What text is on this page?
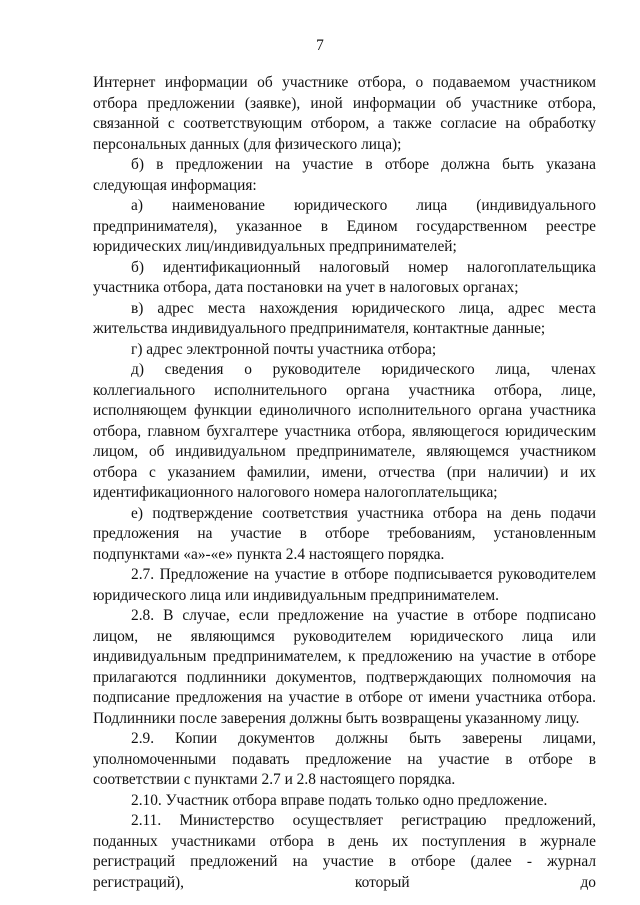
7

Интернет информации об участнике отбора, о подаваемом участником отбора предложении (заявке), иной информации об участнике отбора, связанной с соответствующим отбором, а также согласие на обработку персональных данных (для физического лица);

б) в предложении на участие в отборе должна быть указана следующая информация:

а) наименование юридического лица (индивидуального предпринимателя), указанное в Едином государственном реестре юридических лиц/индивидуальных предпринимателей;

б) идентификационный налоговый номер налогоплательщика участника отбора, дата постановки на учет в налоговых органах;

в) адрес места нахождения юридического лица, адрес места жительства индивидуального предпринимателя, контактные данные;

г) адрес электронной почты участника отбора;

д) сведения о руководителе юридического лица, членах коллегиального исполнительного органа участника отбора, лице, исполняющем функции единоличного исполнительного органа участника отбора, главном бухгалтере участника отбора, являющегося юридическим лицом, об индивидуальном предпринимателе, являющемся участником отбора с указанием фамилии, имени, отчества (при наличии) и их идентификационного налогового номера налогоплательщика;

е) подтверждение соответствия участника отбора на день подачи предложения на участие в отборе требованиям, установленным подпунктами «а»-«е» пункта 2.4 настоящего порядка.

2.7. Предложение на участие в отборе подписывается руководителем юридического лица или индивидуальным предпринимателем.

2.8. В случае, если предложение на участие в отборе подписано лицом, не являющимся руководителем юридического лица или индивидуальным предпринимателем, к предложению на участие в отборе прилагаются подлинники документов, подтверждающих полномочия на подписание предложения на участие в отборе от имени участника отбора. Подлинники после заверения должны быть возвращены указанному лицу.

2.9. Копии документов должны быть заверены лицами, уполномоченными подавать предложение на участие в отборе в соответствии с пунктами 2.7 и 2.8 настоящего порядка.

2.10. Участник отбора вправе подать только одно предложение.

2.11. Министерство осуществляет регистрацию предложений, поданных участниками отбора в день их поступления в журнале регистраций предложений на участие в отборе (далее - журнал регистраций), который до
